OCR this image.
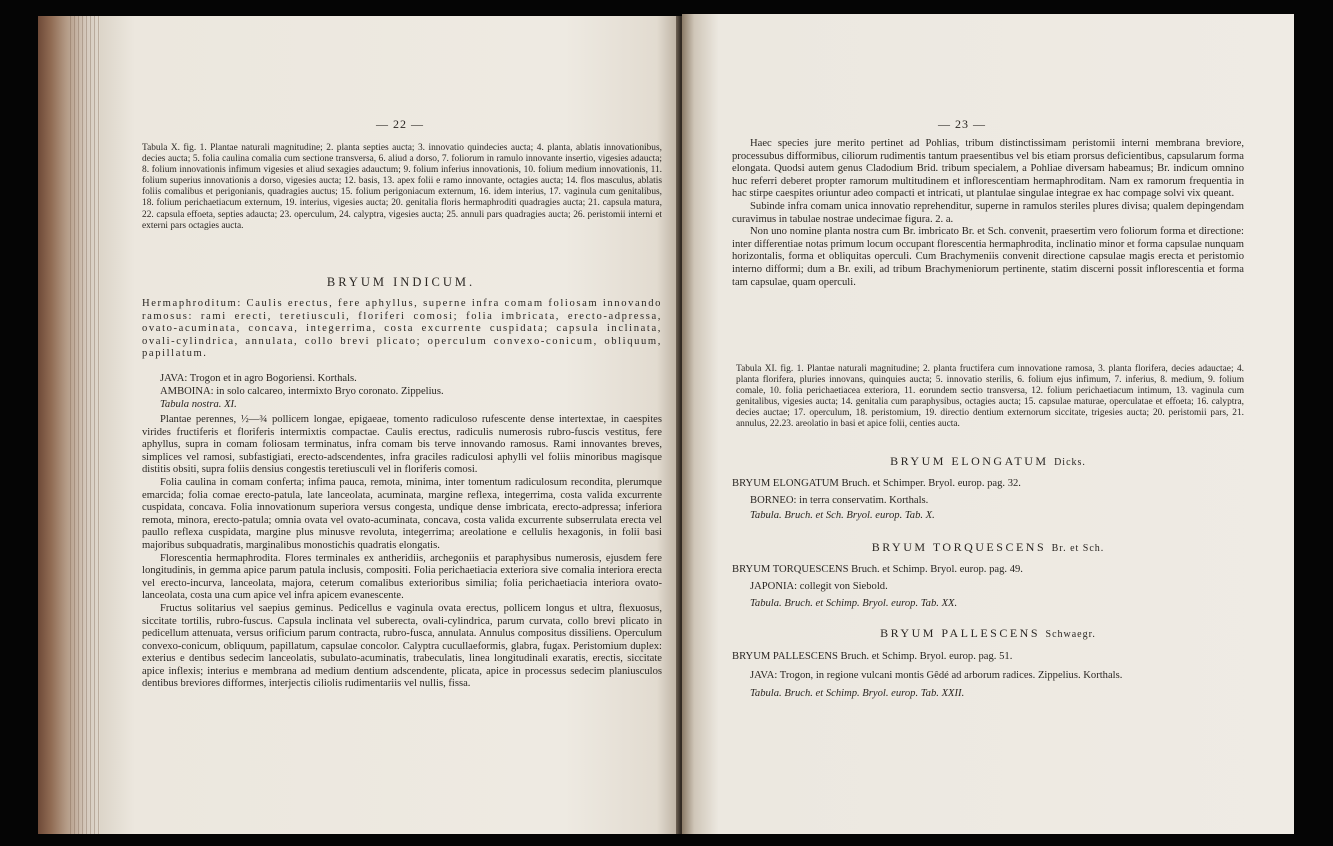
— 22 —
Tabula X. fig. 1. Plantae naturali magnitudine; 2. planta septies aucta; 3. innovatio quindecies aucta; 4. planta, ablatis innovationibus, decies aucta; 5. folia caulina comalia cum sectione transversa, 6. aliud a dorso, 7. foliorum in ramulo innovante insertio, vigesies adaucta; 8. folium innovationis infimum vigesies et aliud sexagies adauctum; 9. folium inferius innovationis, 10. folium medium innovationis, 11. folium superius innovationis a dorso, vigesies aucta; 12. basis, 13. apex folii e ramo innovante, octagies aucta; 14. flos masculus, ablatis foliis comalibus et perigonianis, quadragies auctus; 15. folium perigoniacum externum, 16. idem interius, 17. vaginula cum genitalibus, 18. folium perichaetiacum externum, 19. interius, vigesies aucta; 20. genitalia floris hermaphroditi quadragies aucta; 21. capsula matura, 22. capsula effoeta, septies adaucta; 23. operculum, 24. calyptra, vigesies aucta; 25. annuli pars quadragies aucta; 26. peristomii interni et externi pars octagies aucta.
BRYUM INDICUM.
Hermaphroditum: Caulis erectus, fere aphyllus, superne infra comam foliosam innovando ramosus: rami erecti, teretiusculi, floriferi comosi; folia imbricata, erecto-adpressa, ovato-acuminata, concava, integerrima, costa excurrente cuspidata; capsula inclinata, ovali-cylindrica, annulata, collo brevi plicato; operculum convexo-conicum, obliquum, papillatum.
JAVA: Trogon et in agro Bogoriensi. Korthals.
AMBOINA: in solo calcareo, intermixto Bryo coronato. Zippelius.
Tabula nostra. XI.

Plantae perennes, ½—¾ pollicem longae, epigaeae, tomento radiculoso rufescente dense intertextae, in caespites virides fructiferis et floriferis intermixtis compactae. Caulis erectus, radiculis numerosis rubro-fuscis vestitus, fere aphyllus, supra in comam foliosam terminatus, infra comam bis terve innovando ramosus. Rami innovantes breves, simplices vel ramosi, subfastigiati, erecto-adscendentes, infra graciles radiculosi aphylli vel foliis minoribus magisque distitis obsiti, supra foliis densius congestis teretiusculi vel in floriferis comosi.

Folia caulina in comam conferta; infima pauca, remota, minima, inter tomentum radiculosum recondita, plerumque emarcida; folia comae erecto-patula, late lanceolata, acuminata, margine reflexa, integerrima, costa valida excurrente cuspidata, concava. Folia innovationum superiora versus congesta, undique dense imbricata, erecto-adpressa; inferiora remota, minora, erecto-patula; omnia ovata vel ovato-acuminata, concava, costa valida excurrente subserrulata erecta vel paullo reflexa cuspidata, margine plus minusve revoluta, integerrima; areolatione e cellulis hexagonis, in folii basi majoribus subquadratis, marginalibus monostichis quadratis elongatis.

Florescentia hermaphrodita. Flores terminales ex antheridiis, archegoniis et paraphysibus numerosis, ejusdem fere longitudinis, in gemma apice parum patula inclusis, compositi. Folia perichaetiacia exteriora sive comalia interiora erecta vel erecto-incurva, lanceolata, majora, ceterum comalibus exterioribus similia; folia perichaetiacia interiora ovato-lanceolata, costa una cum apice vel infra apicem evanescente.

Fructus solitarius vel saepius geminus. Pedicellus e vaginula ovata erectus, pollicem longus et ultra, flexuosus, siccitate tortilis, rubro-fuscus. Capsula inclinata vel suberecta, ovali-cylindrica, parum curvata, collo brevi plicato in pedicellum attenuata, versus orificium parum contracta, rubro-fusca, annulata. Annulus compositus dissiliens. Operculum convexo-conicum, obliquum, papillatum, capsulae concolor. Calyptra cucullaeformis, glabra, fugax. Peristomium duplex: exterius e dentibus sedecim lanceolatis, subulato-acuminatis, trabeculatis, linea longitudinali exaratis, erectis, siccitate apice inflexis; interius e membrana ad medium dentium adscendente, plicata, apice in processus sedecim planiusculos dentibus breviores difformes, interjectis ciliolis rudimentariis vel nullis, fissa.

— 23 —

Haec species jure merito pertinet ad Pohlias, tribum distinctissimam peristomii interni membrana breviore, processubus difformibus, ciliorum rudimentis tantum praesentibus vel bis etiam prorsus deficientibus, capsularum forma elongata. Quodsi autem genus Cladodium Brid. tribum specialem, a Pohliae diversam habeamus; Br. indicum omnino huc referri deberet propter ramorum multitudinem et inflorescentiam hermaphroditam. Nam ex ramorum frequentia in hac stirpe caespites oriuntur adeo compacti et intricati, ut plantulae singulae integrae ex hac compage solvi vix queant.

Subinde infra comam unica innovatio reprehenditur, superne in ramulos steriles plures divisa; qualem depingendam curavimus in tabulae nostrae undecimae figura. 2. a.

Non uno nomine planta nostra cum Br. imbricato Br. et Sch. convenit, praesertim vero foliorum forma et directione: inter differentiae notas primum locum occupant florescentia hermaphrodita, inclinatio minor et forma capsulae nunquam horizontalis, forma et obliquitas operculi. Cum Brachymeniis convenit directione capsulae magis erecta et peristomio interno difformi; dum a Br. exili, ad tribum Brachymeniorum pertinente, statim discerni possit inflorescentia et forma tam capsulae, quam operculi.

Tabula XI. fig. 1. Plantae naturali magnitudine; 2. planta fructifera cum innovatione ramosa, 3. planta florifera, decies adauctae; 4. planta florifera, pluries innovans, quinquies aucta; 5. innovatio sterilis, 6. folium ejus infimum, 7. inferius, 8. medium, 9. folium comale, 10. folia perichaetiacea exteriora, 11. eorundem sectio transversa, 12. folium perichaetiacum intimum, 13. vaginula cum genitalibus, vigesies aucta; 14. genitalia cum paraphysibus, octagies aucta; 15. capsulae maturae, operculatae et effoeta; 16. calyptra, decies auctae; 17. operculum, 18. peristomium, 19. directio dentium externorum siccitate, trigesies aucta; 20. peristomii pars, 21. annulus, 22.23. areolatio in basi et apice folii, centies aucta.
BRYUM ELONGATUM Dicks.
BRYUM ELONGATUM Bruch. et Schimper. Bryol. europ. pag. 32.
BORNEO: in terra conservatim. Korthals.
Tabula. Bruch. et Sch. Bryol. europ. Tab. X.
BRYUM TORQUESCENS Br. et Sch.
BRYUM TORQUESCENS Bruch. et Schimp. Bryol. europ. pag. 49.
JAPONIA: collegit von Siebold.
Tabula. Bruch. et Schimp. Bryol. europ. Tab. XX.
BRYUM PALLESCENS Schwaegr.
BRYUM PALLESCENS Bruch. et Schimp. Bryol. europ. pag. 51.
JAVA: Trogon, in regione vulcani montis Gêdé ad arborum radices. Zippelius. Korthals.
Tabula. Bruch. et Schimp. Bryol. europ. Tab. XXII.
